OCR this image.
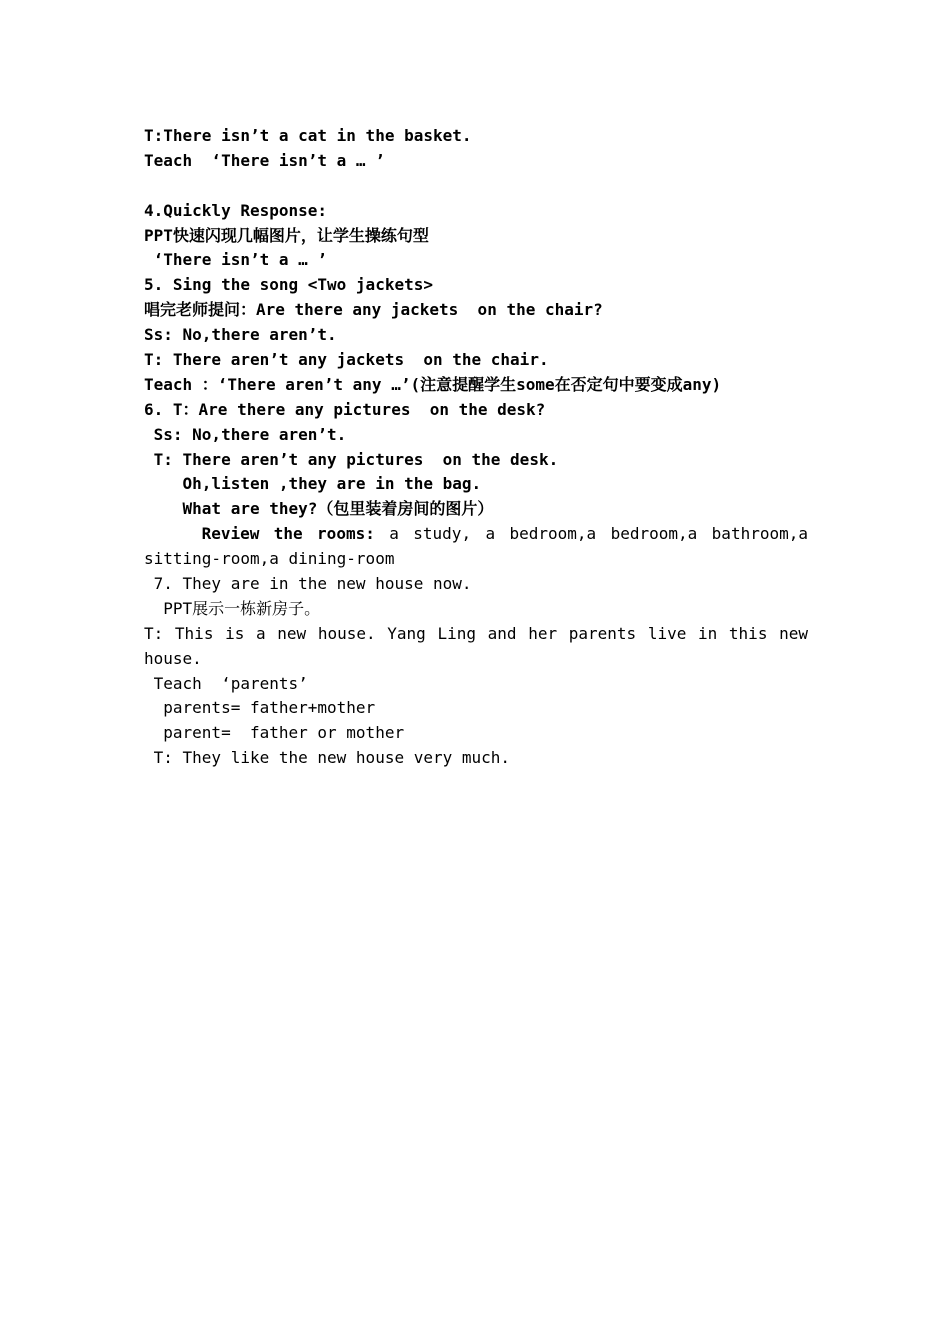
T:There isn’t a cat in the basket.
Teach  ‘There isn’t a … ’
4.Quickly Response:
PPT快速闪现几幅图片，让学生操练句型
‘There isn’t a … ’
5. Sing the song <Two jackets>
唱完老师提问：Are there any jackets  on the chair?
Ss: No,there aren’t.
T: There aren’t any jackets  on the chair.
Teach ：‘There aren’t any …’(注意提醒学生some在否定句中要变成any)
6. T：Are there any pictures  on the desk?
Ss: No,there aren’t.
T: There aren’t any pictures  on the desk.
Oh,listen ,they are in the bag.
What are they?（包里装着房间的图片）
Review the rooms: a study, a bedroom,a bedroom,a bathroom,a
sitting-room,a dining-room
7. They are in the new house now.
PPT展示一栋新房子。
T: This is a new house. Yang Ling and her parents live in this new
house.
Teach  ‘parents’
parents= father+mother
parent=  father or mother
T: They like the new house very much.
